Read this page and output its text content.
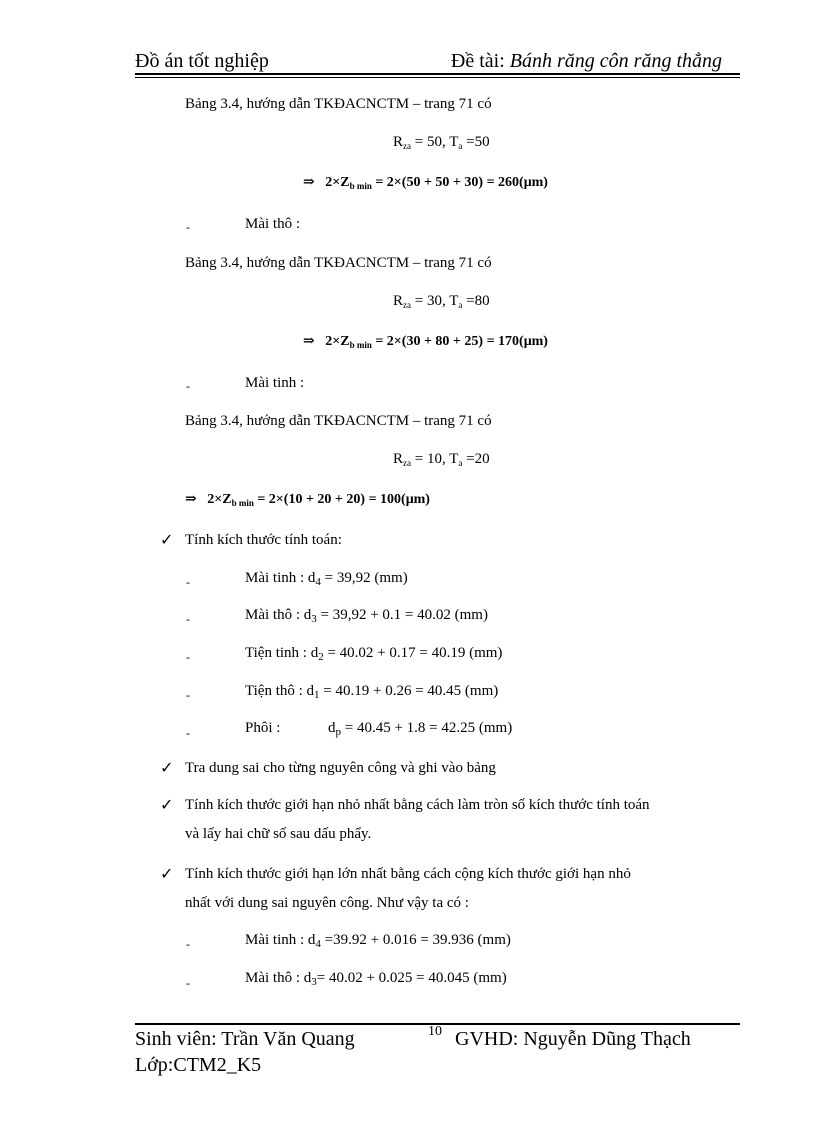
Đồ án tốt nghiệp	Đề tài: Bánh răng côn răng thẳng
Bảng 3.4, hướng dẫn TKĐACNCTM – trang 71 có
$R_{za} = 50$, $T_a =50$
⇒ $2\times Z_{b min} = 2\times(50 + 50 + 30) = 260(\mu m)$
-	Mài thô :
Bảng 3.4, hướng dẫn TKĐACNCTM – trang 71 có
$R_{za} = 30$, $T_a =80$
⇒ $2\times Z_{b min} = 2\times(30 + 80 + 25) = 170(\mu m)$
-	Mài tinh :
Bảng 3.4, hướng dẫn TKĐACNCTM – trang 71 có
$R_{za} = 10$, $T_a =20$
⇒ $2\times Z_{b min} = 2\times(10 + 20 + 20) = 100(\mu m)$
✓ Tính kích thước tính toán:
-	Mài tinh : $d_4 = 39,92$ (mm)
-	Mài thô : $d_3 = 39,92 + 0.1 = 40.02$ (mm)
-	Tiện tinh : $d_2 = 40.02 + 0.17 = 40.19$ (mm)
-	Tiện thô : $d_1 = 40.19 + 0.26 = 40.45$ (mm)
-	Phôi :	$d_p = 40.45 + 1.8 = 42.25$ (mm)
✓ Tra dung sai cho từng nguyên công và ghi vào bảng
✓ Tính kích thước giới hạn nhỏ nhất bằng cách làm tròn số kích thước tính toán
và lấy hai chữ số sau dấu phẩy.
✓ Tính kích thước giới hạn lớn nhất bằng cách cộng kích thước giới hạn nhỏ
nhất với dung sai nguyên công. Như vậy ta có :
-	Mài tinh : $d_4 =39.92 + 0.016 = 39.936$ (mm)
-	Mài thô : $d_3= 40.02 + 0.025 = 40.045$ (mm)
Sinh viên: Trần Văn Quang	10 GVHD: Nguyễn Dũng Thạch
Lớp:CTM2_K5
